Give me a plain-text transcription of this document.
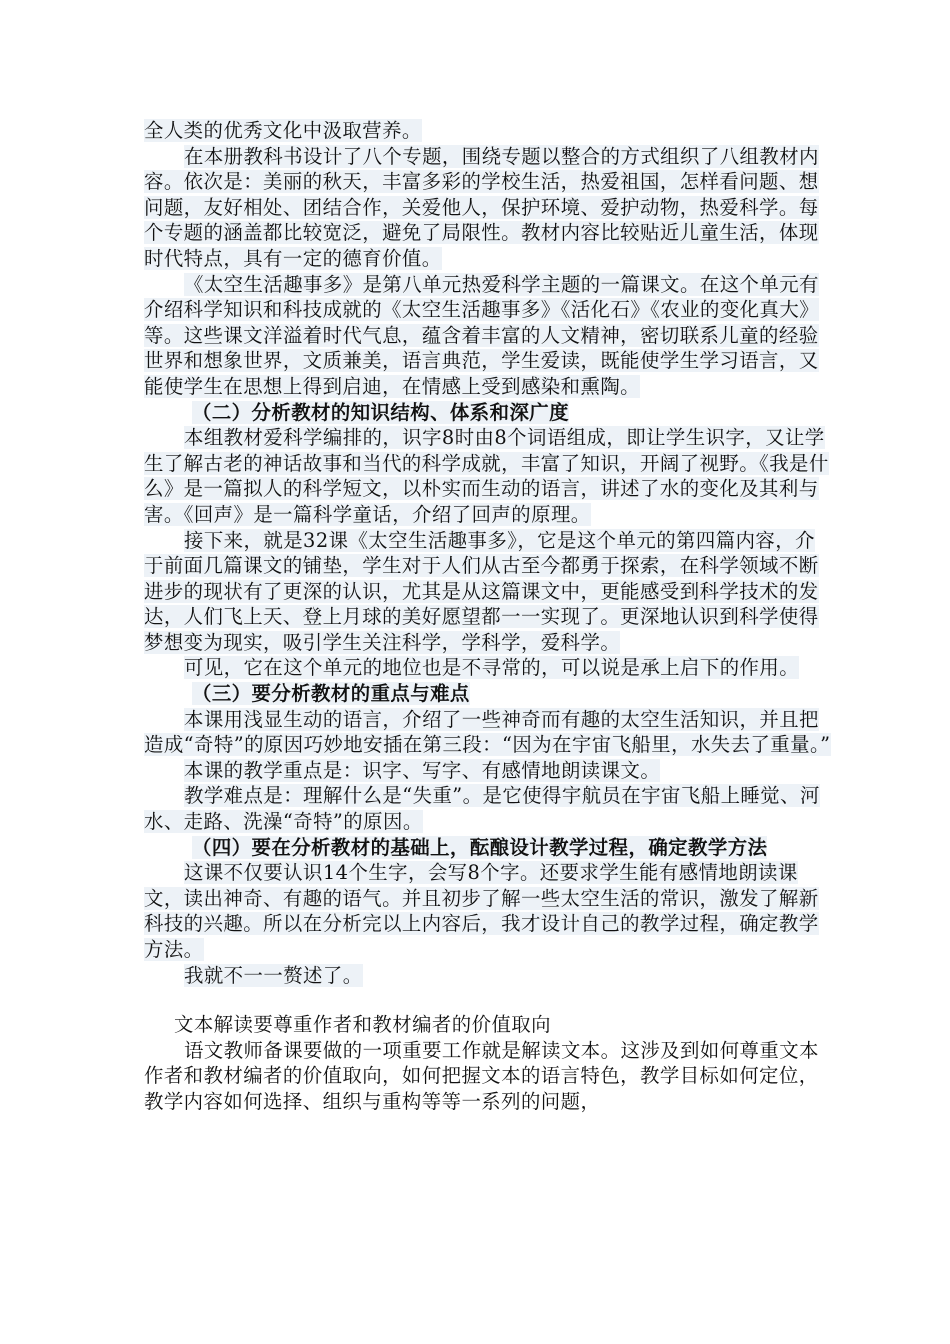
全人类的优秀文化中汲取营养。

在本册教科书设计了八个专题，围绕专题以整合的方式组织了八组教材内容。依次是：美丽的秋天，丰富多彩的学校生活，热爱祖国，怎样看问题、想问题，友好相处、团结合作，关爱他人，保护环境、爱护动物，热爱科学。每个专题的涵盖都比较宽泛，避免了局限性。教材内容比较贴近儿童生活，体现时代特点，具有一定的德育价值。

《太空生活趣事多》是第八单元热爱科学主题的一篇课文。在这个单元有介绍科学知识和科技成就的《太空生活趣事多》《活化石》《农业的变化真大》等。这些课文洋溢着时代气息，蕴含着丰富的人文精神，密切联系儿童的经验世界和想象世界，文质兼美，语言典范，学生爱读，既能使学生学习语言，又能使学生在思想上得到启迪，在情感上受到感染和熏陶。

（二）分析教材的知识结构、体系和深广度

本组教材爱科学编排的，识字8时由8个词语组成，即让学生识字，又让学生了解古老的神话故事和当代的科学成就，丰富了知识，开阔了视野。《我是什么》是一篇拟人的科学短文，以朴实而生动的语言，讲述了水的变化及其利与害。《回声》是一篇科学童话，介绍了回声的原理。

接下来，就是32课《太空生活趣事多》，它是这个单元的第四篇内容，介于前面几篇课文的铺垫，学生对于人们从古至今都勇于探索，在科学领域不断进步的现状有了更深的认识，尤其是从这篇课文中，更能感受到科学技术的发达，人们飞上天、登上月球的美好愿望都一一实现了。更深地认识到科学使得梦想变为现实，吸引学生关注科学，学科学，爱科学。

可见，它在这个单元的地位也是不寻常的，可以说是承上启下的作用。

（三）要分析教材的重点与难点

本课用浅显生动的语言，介绍了一些神奇而有趣的太空生活知识，并且把造成“奇特”的原因巧妙地安插在第三段：“因为在宇宙飞船里，水失去了重量。”

本课的教学重点是：识字、写字、有感情地朗读课文。

教学难点是：理解什么是“失重”。是它使得宇航员在宇宙飞船上睡觉、河水、走路、洗澡“奇特”的原因。

（四）要在分析教材的基础上，酝酿设计教学过程，确定教学方法

这课不仅要认识14个生字，会写8个字。还要求学生能有感情地朗读课文，读出神奇、有趣的语气。并且初步了解一些太空生活的常识，激发了解新科技的兴趣。所以在分析完以上内容后，我才设计自己的教学过程，确定教学方法。

我就不一一赘述了。

文本解读要尊重作者和教材编者的价值取向

语文教师备课要做的一项重要工作就是解读文本。这涉及到如何尊重文本作者和教材编者的价值取向，如何把握文本的语言特色，教学目标如何定位，教学内容如何选择、组织与重构等等一系列的问题，
